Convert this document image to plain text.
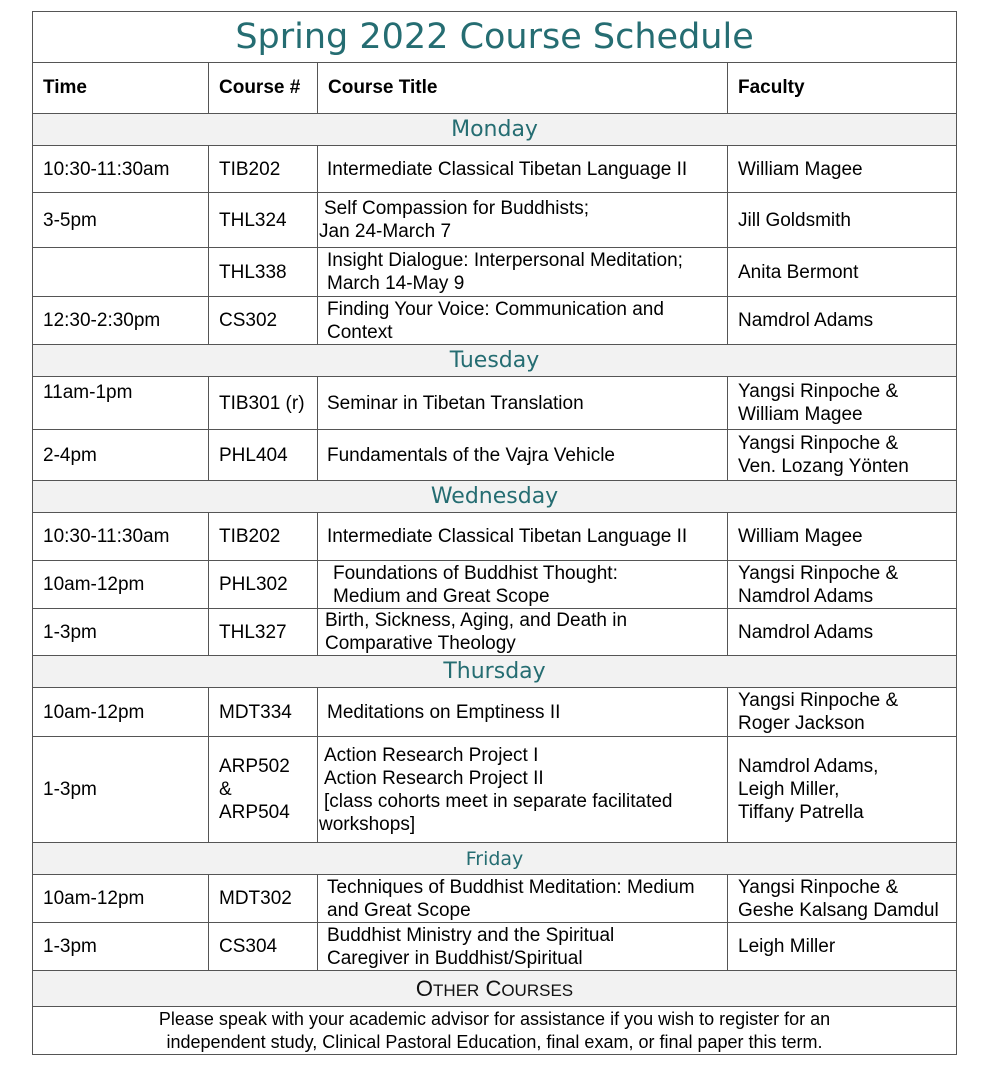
Spring 2022 Course Schedule			
Time	Course #	Course Title	Faculty
Monday			
10:30-11:30am	TIB202	Intermediate Classical Tibetan Language II	William Magee

3-5pm	THL324	Self Compassion for Buddhists;
Jan 24-March 7	Jill Goldsmith

	THL338	Insight Dialogue: Interpersonal Meditation;
March 14-May 9	Anita Bermont

12:30-2:30pm	CS302	Finding Your Voice: Communication and
Context	Namdrol Adams

Tuesday			
11am-1pm	TIB301 (r)	Seminar in Tibetan Translation	Yangsi Rinpoche &
William Magee

2-4pm	PHL404	Fundamentals of the Vajra Vehicle	Yangsi Rinpoche &
Ven. Lozang Yönten

Wednesday			
10:30-11:30am	TIB202	Intermediate Classical Tibetan Language II	William Magee

10am-12pm	PHL302	Foundations of Buddhist Thought:
Medium and Great Scope	Yangsi Rinpoche &
Namdrol Adams

1-3pm	THL327	Birth, Sickness, Aging, and Death in
Comparative Theology	Namdrol Adams

Thursday			
10am-12pm	MDT334	Meditations on Emptiness II	Yangsi Rinpoche &
Roger Jackson

1-3pm	ARP502
&
ARP504	Action Research Project I
Action Research Project II
[class cohorts meet in separate facilitated
workshops]	Namdrol Adams,
Leigh Miller,
Tiffany Patrella

Friday			
10am-12pm	MDT302	Techniques of Buddhist Meditation: Medium
and Great Scope	Yangsi Rinpoche &
Geshe Kalsang Damdul

1-3pm	CS304	Buddhist Ministry and the Spiritual
Caregiver in Buddhist/Spiritual	Leigh Miller

OTHER COURSES			

Please speak with your academic advisor for assistance if you wish to register for an
independent study, Clinical Pastoral Education, final exam, or final paper this term.			
